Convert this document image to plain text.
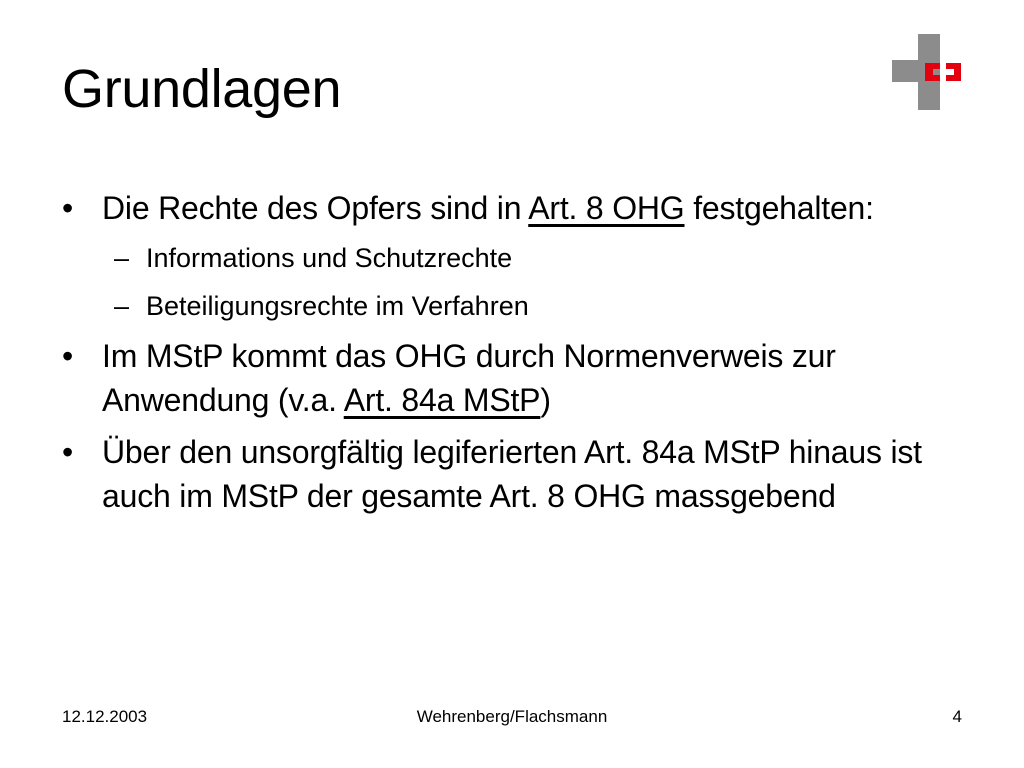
Grundlagen
• Die Rechte des Opfers sind in Art. 8 OHG festgehalten:
– Informations und Schutzrechte
– Beteiligungsrechte im Verfahren
• Im MStP kommt das OHG durch Normenverweis zur Anwendung (v.a. Art. 84a MStP)
• Über den unsorgfältig legiferierten Art. 84a MStP hinaus ist auch im MStP der gesamte Art. 8 OHG massgebend
12.12.2003	Wehrenberg/Flachsmann	4
